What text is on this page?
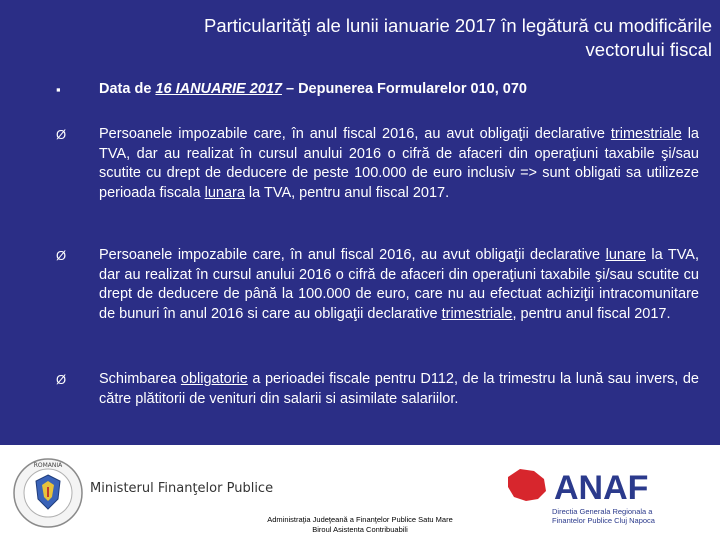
Particularităţi ale lunii ianuarie 2017 în legătură cu modificările
vectorului fiscal
▪	Data de 16 IANUARIE 2017 – Depunerea Formularelor 010, 070
Ø	Persoanele impozabile care, în anul fiscal 2016, au avut obligaţii declarative trimestriale la TVA, dar au realizat în cursul anului 2016 o cifră de afaceri din operaţiuni taxabile şi/sau scutite cu drept de deducere de peste 100.000 de euro inclusiv => sunt obligati sa utilizeze perioada fiscala lunara la TVA, pentru anul fiscal 2017.
Ø	Persoanele impozabile care, în anul fiscal 2016, au avut obligaţii declarative lunare la TVA, dar au realizat în cursul anului 2016 o cifră de afaceri din operaţiuni taxabile şi/sau scutite cu drept de deducere de până la 100.000 de euro, care nu au efectuat achiziţii intracomunitare de bunuri în anul 2016 si care au obligaţii declarative trimestriale, pentru anul fiscal 2017.
Ø	Schimbarea obligatorie a perioadei fiscale pentru D112, de la trimestru la lună sau invers, de către plătitorii de venituri din salarii si asimilate salariilor.
ROMANIA
Ministerul Finanţelor Publice	ANAF
Directia Generala Regionala a Finantelor Publice Cluj Napoca
Administraţia Judeţeană a Finanţelor Publice Satu Mare
Biroul Asistenta Contribuabili
